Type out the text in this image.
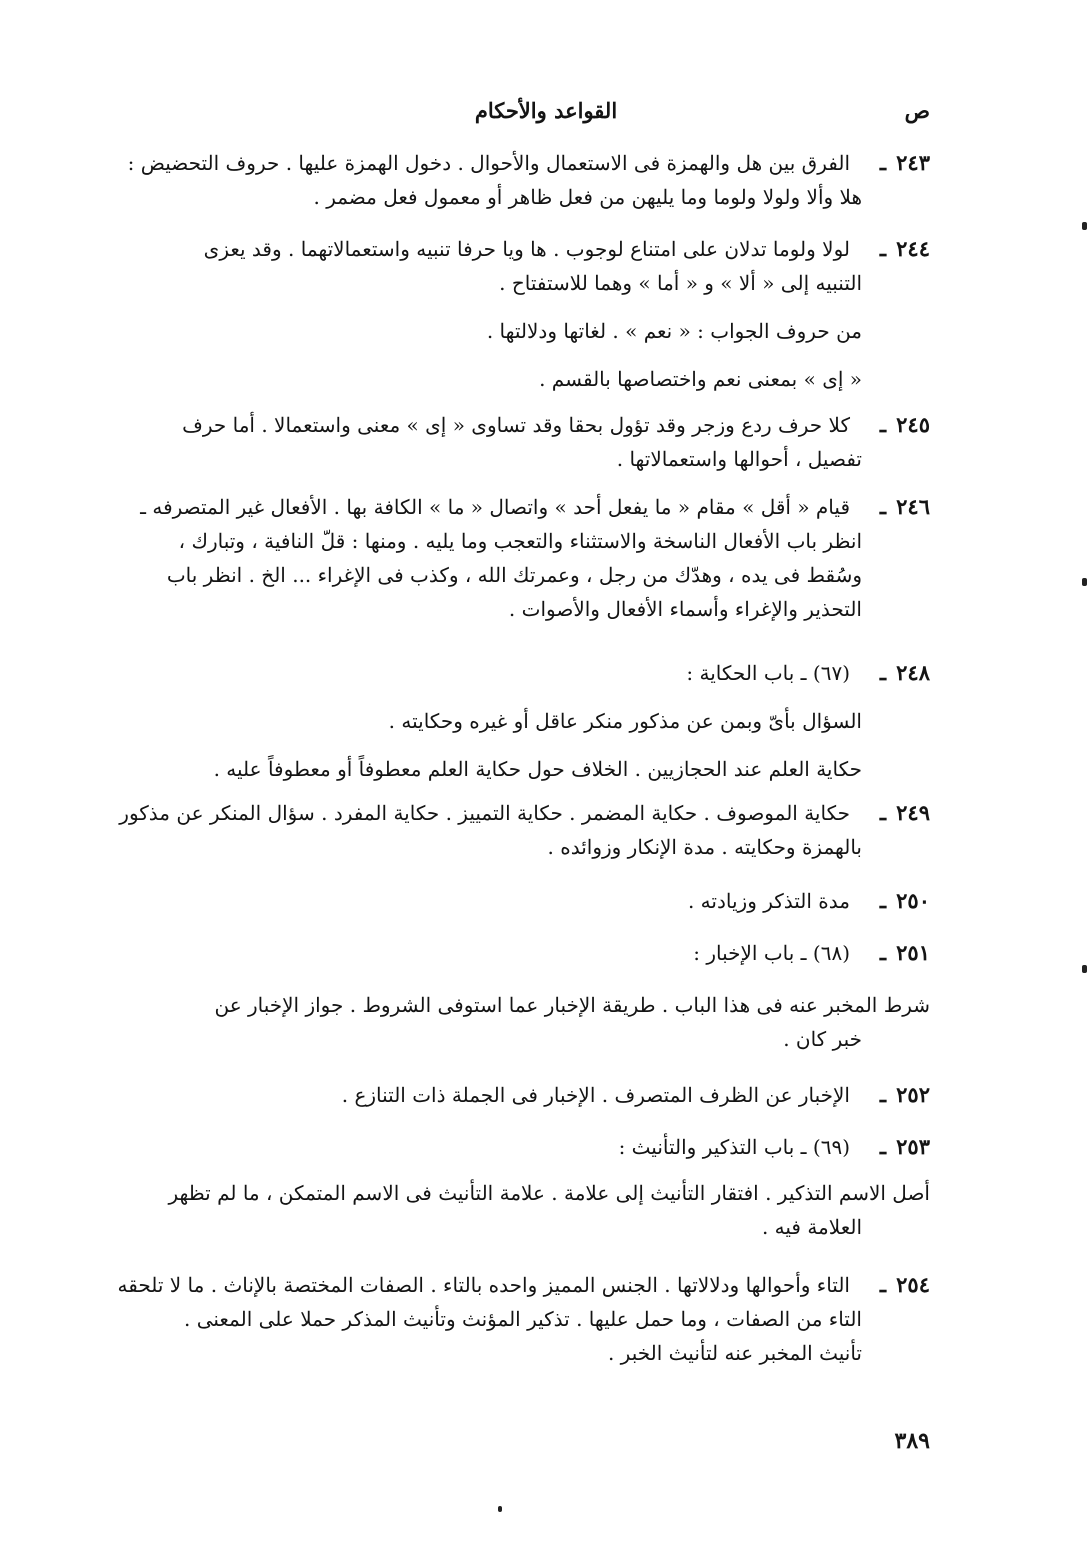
ص
القواعد والأحكام
٢٤٣
ـ
الفرق بين هل والهمزة فى الاستعمال والأحوال . دخول الهمزة عليها . حروف التحضيض :
هلا وألا ولولا ولوما وما يليهن من فعل ظاهر أو معمول فعل مضمر .
٢٤٤
ـ
لولا ولوما تدلان على امتناع لوجوب . ها ويا حرفا تنبيه واستعمالاتهما . وقد يعزى
التنبيه إلى « ألا » و « أما » وهما للاستفتاح .
من حروف الجواب : « نعم » . لغاتها ودلالتها .
« إى » بمعنى نعم واختصاصها بالقسم .
٢٤٥
ـ
كلا حرف ردع وزجر وقد تؤول بحقا وقد تساوى « إى » معنى واستعمالا . أما حرف
تفصيل ، أحوالها واستعمالاتها .
٢٤٦
ـ
قيام « أقل » مقام « ما يفعل أحد » واتصال « ما » الكافة بها . الأفعال غير المتصرفه ـ
انظر باب الأفعال الناسخة والاستثناء والتعجب وما يليه . ومنها : قلّ النافية ، وتبارك ،
وسُقط فى يده ، وهدّك من رجل ، وعمرتك الله ، وكذب فى الإغراء ... الخ . انظر باب
التحذير والإغراء وأسماء الأفعال والأصوات .
٢٤٨
ـ
(٦٧) ـ باب الحكاية :
السؤال بأىّ وبمن عن مذكور منكر عاقل أو غيره وحكايته .
حكاية العلم عند الحجازيين . الخلاف حول حكاية العلم معطوفاً أو معطوفاً عليه .
٢٤٩
ـ
حكاية الموصوف . حكاية المضمر . حكاية التمييز . حكاية المفرد . سؤال المنكر عن مذكور
بالهمزة وحكايته . مدة الإنكار وزوائده .
٢٥٠
ـ
مدة التذكر وزيادته .
٢٥١
ـ
(٦٨) ـ باب الإخبار :
شرط المخبر عنه فى هذا الباب . طريقة الإخبار عما استوفى الشروط . جواز الإخبار عن
خبر كان .
٢٥٢
ـ
الإخبار عن الظرف المتصرف . الإخبار فى الجملة ذات التنازع .
٢٥٣
ـ
(٦٩) ـ باب التذكير والتأنيث :
أصل الاسم التذكير . افتقار التأنيث إلى علامة . علامة التأنيث فى الاسم المتمكن ، ما لم تظهر
العلامة فيه .
٢٥٤
ـ
التاء وأحوالها ودلالاتها . الجنس المميز واحده بالتاء . الصفات المختصة بالإناث . ما لا تلحقه
التاء من الصفات ، وما حمل عليها . تذكير المؤنث وتأنيث المذكر حملا على المعنى .
تأنيث المخبر عنه لتأنيث الخبر .
٣٨٩
